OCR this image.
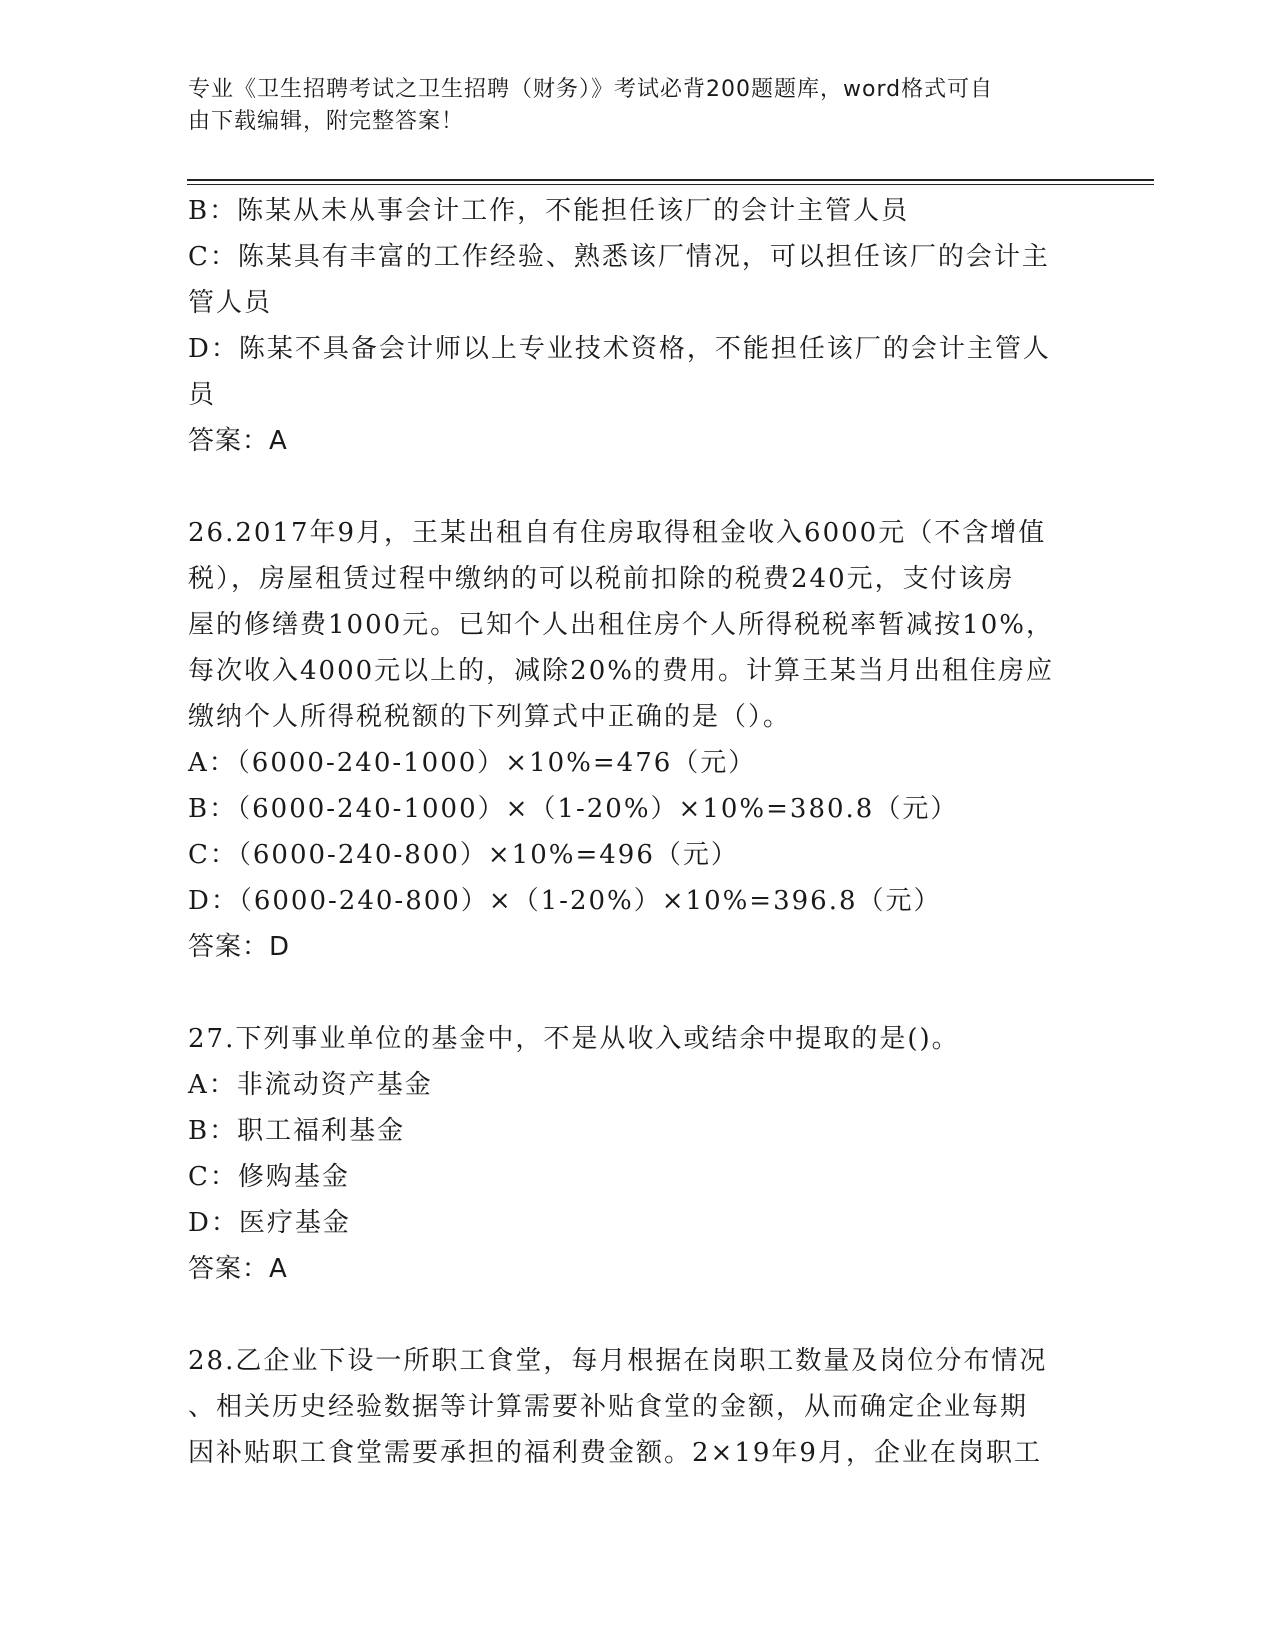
专业《卫生招聘考试之卫生招聘（财务）》考试必背200题题库，word格式可自
由下载编辑，附完整答案！

B：陈某从未从事会计工作，不能担任该厂的会计主管人员

C：陈某具有丰富的工作经验、熟悉该厂情况，可以担任该厂的会计主

管人员

D：陈某不具备会计师以上专业技术资格，不能担任该厂的会计主管人

员

答案：A

26.2017年9月，王某出租自有住房取得租金收入6000元（不含增值

税），房屋租赁过程中缴纳的可以税前扣除的税费240元，支付该房

屋的修缮费1000元。已知个人出租住房个人所得税税率暂减按10%，

每次收入4000元以上的，减除20%的费用。计算王某当月出租住房应

缴纳个人所得税税额的下列算式中正确的是（）。

A：（6000-240-1000）×10%=476（元）

B：（6000-240-1000）×（1-20%）×10%=380.8（元）

C：（6000-240-800）×10%=496（元）

D：（6000-240-800）×（1-20%）×10%=396.8（元）

答案：D

27.下列事业单位的基金中，不是从收入或结余中提取的是()。

A：非流动资产基金

B：职工福利基金

C：修购基金

D：医疗基金

答案：A

28.乙企业下设一所职工食堂，每月根据在岗职工数量及岗位分布情况

、相关历史经验数据等计算需要补贴食堂的金额，从而确定企业每期

因补贴职工食堂需要承担的福利费金额。2×19年9月，企业在岗职工
